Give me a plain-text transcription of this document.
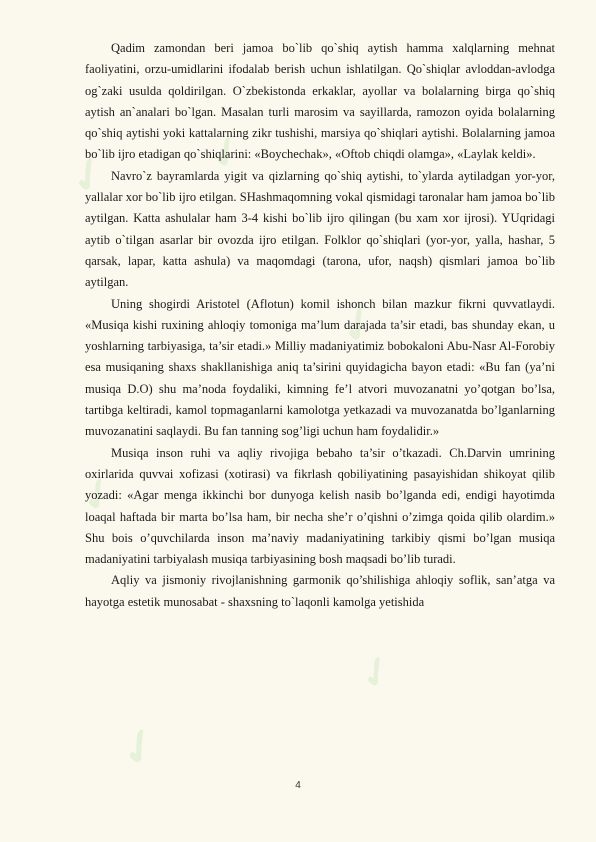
✓ ✓
✓
✓
✓
✓

Qadim zamondan beri jamoa bo`lib qo`shiq aytish hamma xalqlarning mehnat faoliyatini, orzu-umidlarini ifodalab berish uchun ishlatilgan. Qo`shiqlar avloddan-avlodga og`zaki usulda qoldirilgan. O`zbekistonda erkaklar, ayollar va bolalarning birga qo`shiq aytish an`analari bo`lgan. Masalan turli marosim va sayillarda, ramozon oyida bolalarning qo`shiq aytishi yoki kattalarning zikr tushishi, marsiya qo`shiqlari aytishi. Bolalarning jamoa bo`lib ijro etadigan qo`shiqlarini: «Boychechak», «Oftob chiqdi olamga», «Laylak keldi».

Navro`z bayramlarda yigit va qizlarning qo`shiq aytishi, to`ylarda aytiladgan yor-yor, yallalar xor bo`lib ijro etilgan. SHashmaqomning vokal qismidagi taronalar ham jamoa bo`lib aytilgan. Katta ashulalar ham 3-4 kishi bo`lib ijro qilingan (bu xam xor ijrosi). YUqridagi aytib o`tilgan asarlar bir ovozda ijro etilgan. Folklor qo`shiqlari (yor-yor, yalla, hashar, 5 qarsak, lapar, katta ashula) va maqomdagi (tarona, ufor, naqsh) qismlari jamoa bo`lib aytilgan.

Uning shogirdi Aristotel (Aflotun) komil ishonch bilan mazkur fikrni quvvatlaydi. «Musiqa kishi ruxining ahloqiy tomoniga ma’lum darajada ta’sir etadi, bas shunday ekan, u yoshlarning tarbiyasiga, ta’sir etadi.» Milliy madaniyatimiz bobokaloni Abu-Nasr Al-Forobiy esa musiqaning shaxs shakllanishiga aniq ta’sirini quyidagicha bayon etadi: «Bu fan (ya’ni musiqa D.O) shu ma’noda foydaliki, kimning fe’l atvori muvozanatni yo’qotgan bo’lsa, tartibga keltiradi, kamol topmaganlarni kamolotga yetkazadi va muvozanatda bo’lganlarning muvozanatini saqlaydi. Bu fan tanning sog’ligi uchun ham foydalidir.»

Musiqa inson ruhi va aqliy rivojiga bebaho ta’sir o’tkazadi. Ch.Darvin umrining oxirlarida quvvai xofizasi (xotirasi) va fikrlash qobiliyatining pasayishidan shikoyat qilib yozadi: «Agar menga ikkinchi bor dunyoga kelish nasib bo’lganda edi, endigi hayotimda loaqal haftada bir marta bo’lsa ham, bir necha she’r o’qishni o’zimga qoida qilib olardim.» Shu bois o’quvchilarda inson ma’naviy madaniyatining tarkibiy qismi bo’lgan musiqa madaniyatini tarbiyalash musiqa tarbiyasining bosh maqsadi bo’lib turadi.

Aqliy va jismoniy rivojlanishning garmonik qo’shilishiga ahloqiy soflik, san’atga va hayotga estetik munosabat - shaxsning to`laqonli kamolga yetishida

4
